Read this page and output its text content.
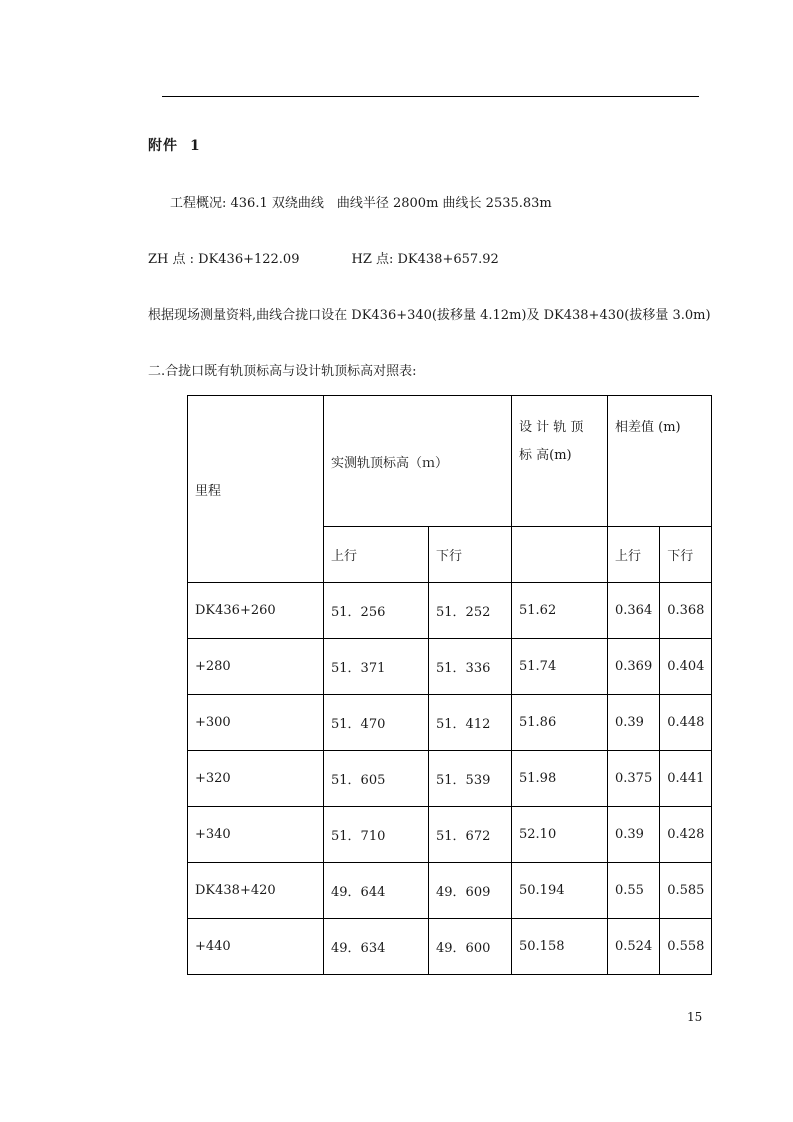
附件 1
工程概况: 436.1 双绕曲线　曲线半径 2800m 曲线长 2535.83m
ZH 点 : DK436+122.09	HZ 点: DK438+657.92
根据现场测量资料,曲线合拢口设在 DK436+340(拔移量 4.12m)及 DK438+430(拔移量 3.0m)
二.合拢口既有轨顶标高与设计轨顶标高对照表:
里程	实测轨顶标高（ｍ）		设 计 轨 顶 标 高(m)	相差值 (m)	
	上行	下行		上行	下行
DK436+260	51．256	51．252	51.62	0.364	0.368
+280	51．371	51．336	51.74	0.369	0.404
+300	51．470	51．412	51.86	0.39	0.448
+320	51．605	51．539	51.98	0.375	0.441
+340	51．710	51．672	52.10	0.39	0.428
DK438+420	49．644	49．609	50.194	0.55	0.585
+440	49．634	49．600	50.158	0.524	0.558
15
